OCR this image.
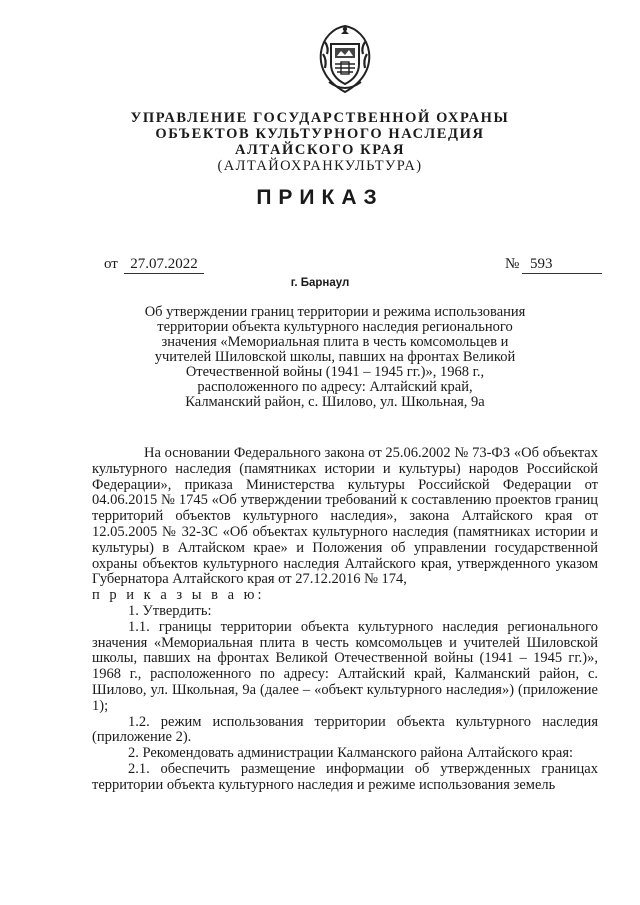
УПРАВЛЕНИЕ ГОСУДАРСТВЕННОЙ ОХРАНЫ
ОБЪЕКТОВ КУЛЬТУРНОГО НАСЛЕДИЯ
АЛТАЙСКОГО КРАЯ
(АЛТАЙОХРАНКУЛЬТУРА)
ПРИКАЗ
от 27.07.2022	№ 593
г. Барнаул
Об утверждении границ территории и режима использования
территории объекта культурного наследия регионального
значения «Мемориальная плита в честь комсомольцев и
учителей Шиловской школы, павших на фронтах Великой
Отечественной войны (1941 – 1945 гг.)», 1968 г.,
расположенного по адресу: Алтайский край,
Калманский район, с. Шилово, ул. Школьная, 9а

На основании Федерального закона от 25.06.2002 № 73-ФЗ «Об объектах культурного наследия (памятниках истории и культуры) народов Российской Федерации», приказа Министерства культуры Российской Федерации от 04.06.2015 № 1745 «Об утверждении требований к составлению проектов границ территорий объектов культурного наследия», закона Алтайского края от 12.05.2005 № 32-ЗС «Об объектах культурного наследия (памятниках истории и культуры) в Алтайском крае» и Положения об управлении государственной охраны объектов культурного наследия Алтайского края, утвержденного указом Губернатора Алтайского края от 27.12.2016 № 174,

п р и к а з ы в а ю:

1. Утвердить:

1.1. границы территории объекта культурного наследия регионального значения «Мемориальная плита в честь комсомольцев и учителей Шиловской школы, павших на фронтах Великой Отечественной войны (1941 – 1945 гг.)», 1968 г., расположенного по адресу: Алтайский край, Калманский район, с. Шилово, ул. Школьная, 9а (далее – «объект культурного наследия») (приложение 1);

1.2. режим использования территории объекта культурного наследия (приложение 2).

2. Рекомендовать администрации Калманского района Алтайского края:

2.1. обеспечить размещение информации об утвержденных границах территории объекта культурного наследия и режиме использования земель
